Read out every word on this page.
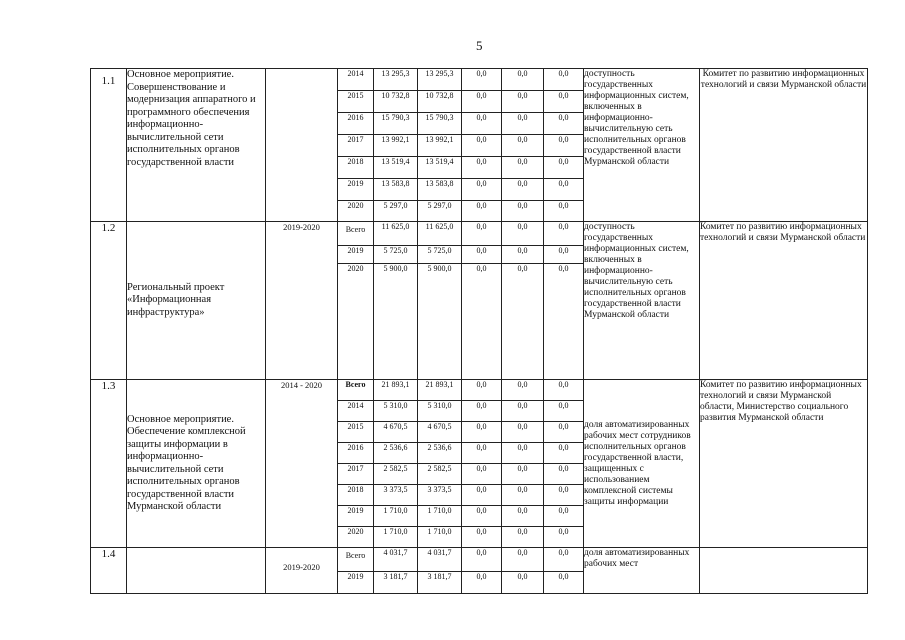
5
1.1	Основное мероприятие. Совершенствование и модернизация аппаратного и программного обеспечения информационно-вычислительной сети исполнительных органов государственной власти		2014	13 295,3	13 295,3	0,0	0,0	0,0	доступность государственных информационных систем, включенных в информационно-вычислительную сеть исполнительных органов государственной власти Мурманской области	Комитет по развитию информационных технологий и связи Мурманской области
			2015	10 732,8	10 732,8	0,0	0,0	0,0		
			2016	15 790,3	15 790,3	0,0	0,0	0,0		
			2017	13 992,1	13 992,1	0,0	0,0	0,0		
			2018	13 519,4	13 519,4	0,0	0,0	0,0		
			2019	13 583,8	13 583,8	0,0	0,0	0,0		
			2020	5 297,0	5 297,0	0,0	0,0	0,0		
1.2	Региональный проект «Информационная инфраструктура»	2019-2020	Всего	11 625,0	11 625,0	0,0	0,0	0,0	доступность государственных информационных систем, включенных в информационно-вычислительную сеть исполнительных органов государственной власти Мурманской области	Комитет по развитию информационных технологий и связи Мурманской области
			2019	5 725,0	5 725,0	0,0	0,0	0,0		
			2020	5 900,0	5 900,0	0,0	0,0	0,0		
1.3	Основное мероприятие. Обеспечение комплексной защиты информации в информационно-вычислительной сети исполнительных органов государственной власти Мурманской области	2014 - 2020	Всего	21 893,1	21 893,1	0,0	0,0	0,0	доля автоматизированных рабочих мест сотрудников исполнительных органов государственной власти, защищенных с использованием комплексной системы защиты информации	Комитет по развитию информационных технологий и связи Мурманской области, Министерство социального развития Мурманской области
			2014	5 310,0	5 310,0	0,0	0,0	0,0		
			2015	4 670,5	4 670,5	0,0	0,0	0,0		
			2016	2 536,6	2 536,6	0,0	0,0	0,0		
			2017	2 582,5	2 582,5	0,0	0,0	0,0		
			2018	3 373,5	3 373,5	0,0	0,0	0,0		
			2019	1 710,0	1 710,0	0,0	0,0	0,0		
			2020	1 710,0	1 710,0	0,0	0,0	0,0		
1.4		2019-2020	Всего	4 031,7	4 031,7	0,0	0,0	0,0	доля автоматизированных рабочих мест	
			2019	3 181,7	3 181,7	0,0	0,0	0,0		
